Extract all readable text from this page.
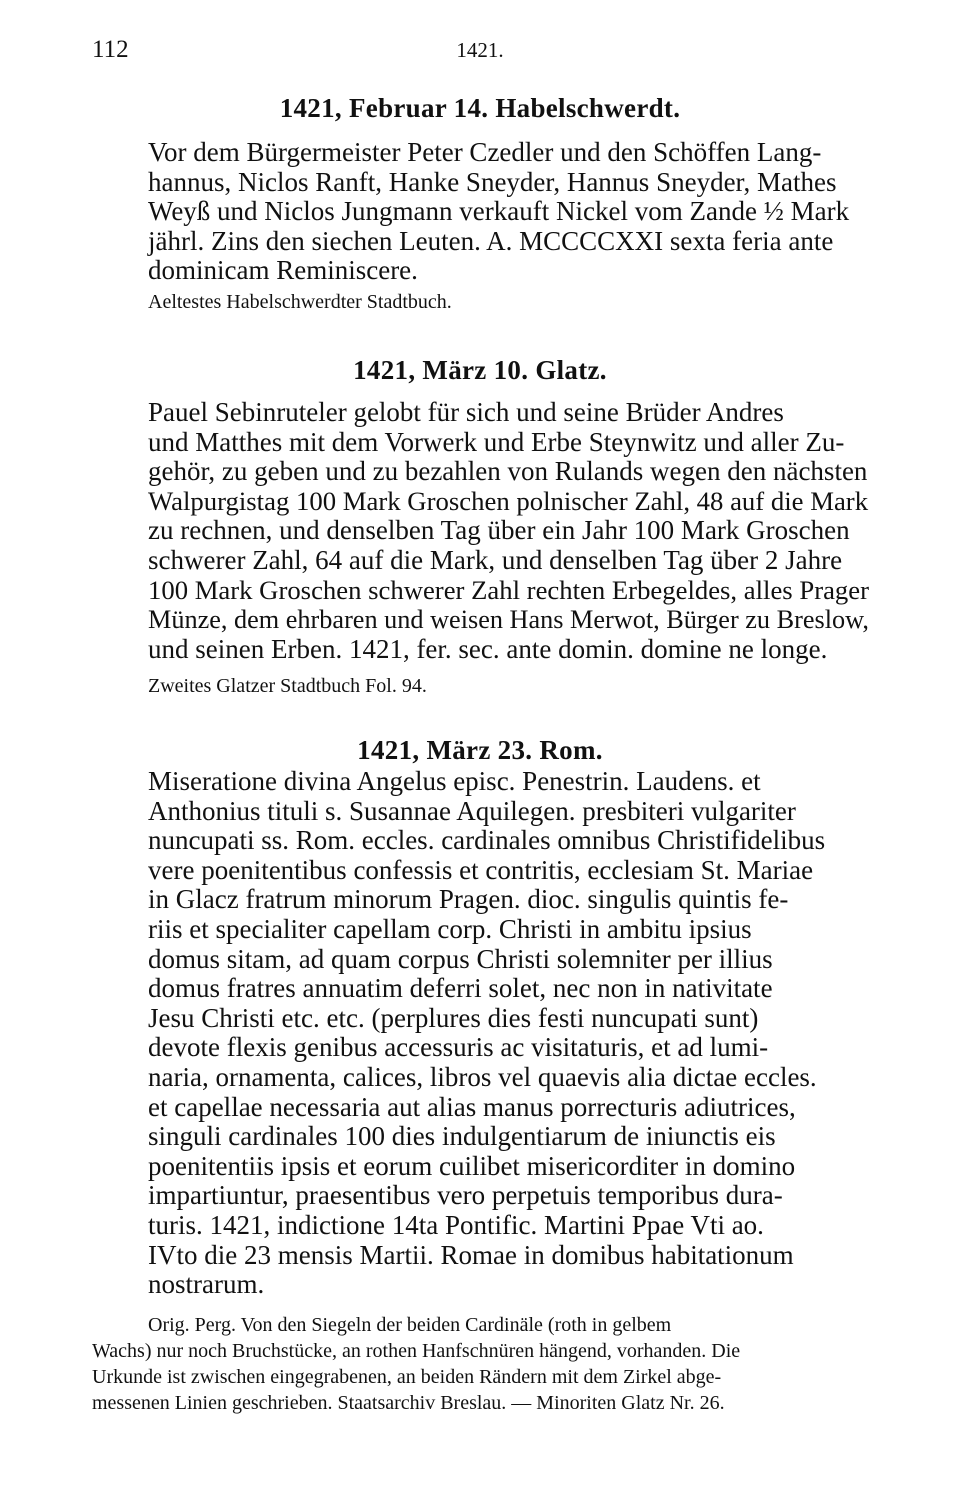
112	1421.
1421, Februar 14. Habelschwerdt.
Vor dem Bürgermeister Peter Czedler und den Schöffen Lang-
hannus, Niclos Ranft, Hanke Sneyder, Hannus Sneyder, Mathes
Weyß und Niclos Jungmann verkauft Nickel vom Zande ½ Mark
jährl. Zins den siechen Leuten. A. MCCCCXXI sexta feria ante
dominicam Reminiscere.
Aeltestes Habelschwerdter Stadtbuch.
1421, März 10. Glatz.
Pauel Sebinruteler gelobt für sich und seine Brüder Andres
und Matthes mit dem Vorwerk und Erbe Steynwitz und aller Zu-
gehör, zu geben und zu bezahlen von Rulands wegen den nächsten
Walpurgistag 100 Mark Groschen polnischer Zahl, 48 auf die Mark
zu rechnen, und denselben Tag über ein Jahr 100 Mark Groschen
schwerer Zahl, 64 auf die Mark, und denselben Tag über 2 Jahre
100 Mark Groschen schwerer Zahl rechten Erbegeldes, alles Prager
Münze, dem ehrbaren und weisen Hans Merwot, Bürger zu Breslow,
und seinen Erben. 1421, fer. sec. ante domin. domine ne longe.
Zweites Glatzer Stadtbuch Fol. 94.
1421, März 23. Rom.
Miseratione divina Angelus episc. Penestrin. Laudens. et
Anthonius tituli s. Susannae Aquilegen. presbiteri vulgariter
nuncupati ss. Rom. eccles. cardinales omnibus Christifidelibus
vere poenitentibus confessis et contritis, ecclesiam St. Mariae
in Glacz fratrum minorum Pragen. dioc. singulis quintis fe-
riis et specialiter capellam corp. Christi in ambitu ipsius
domus sitam, ad quam corpus Christi solemniter per illius
domus fratres annuatim deferri solet, nec non in nativitate
Jesu Christi etc. etc. (perplures dies festi nuncupati sunt)
devote flexis genibus accessuris ac visitaturis, et ad lumi-
naria, ornamenta, calices, libros vel quaevis alia dictae eccles.
et capellae necessaria aut alias manus porrecturis adiutrices,
singuli cardinales 100 dies indulgentiarum de iniunctis eis
poenitentiis ipsis et eorum cuilibet misericorditer in domino
impartiuntur, praesentibus vero perpetuis temporibus dura-
turis. 1421, indictione 14ta Pontific. Martini Ppae Vti ao.
IVto die 23 mensis Martii. Romae in domibus habitationum
nostrarum.
Orig. Perg. Von den Siegeln der beiden Cardinäle (roth in gelbem
Wachs) nur noch Bruchstücke, an rothen Hanfschnüren hängend, vorhanden. Die
Urkunde ist zwischen eingegrabenen, an beiden Rändern mit dem Zirkel abge-
messenen Linien geschrieben. Staatsarchiv Breslau. — Minoriten Glatz Nr. 26.
